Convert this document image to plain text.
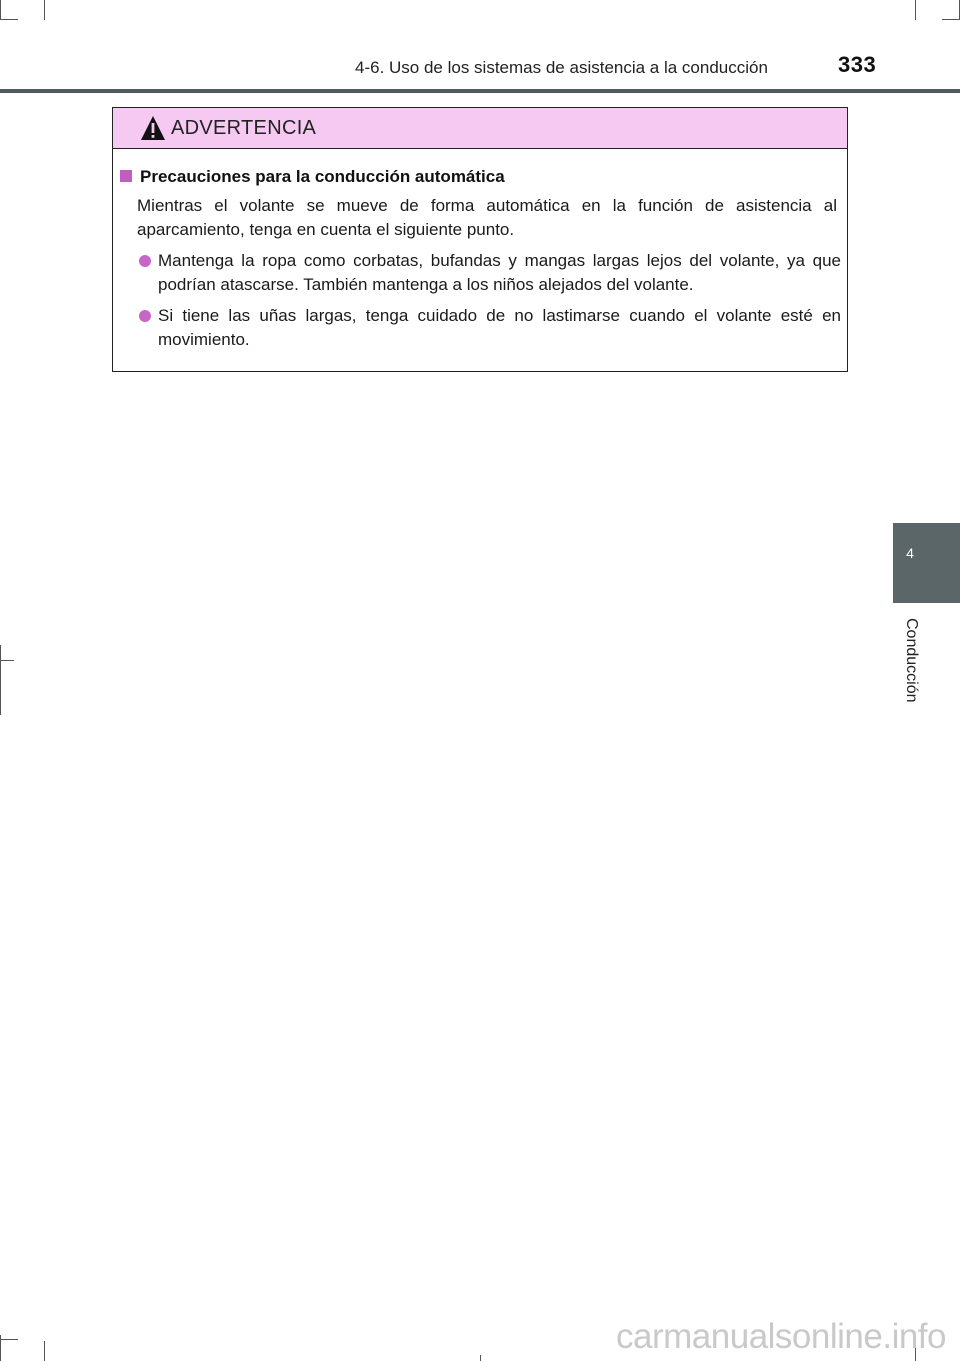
4-6. Uso de los sistemas de asistencia a la conducción	333
ADVERTENCIA
Precauciones para la conducción automática
Mientras el volante se mueve de forma automática en la función de asistencia al aparcamiento, tenga en cuenta el siguiente punto.
Mantenga la ropa como corbatas, bufandas y mangas largas lejos del volante, ya que podrían atascarse. También mantenga a los niños alejados del volante.
Si tiene las uñas largas, tenga cuidado de no lastimarse cuando el volante esté en movimiento.
4
Conducción
carmanualsonline.info
